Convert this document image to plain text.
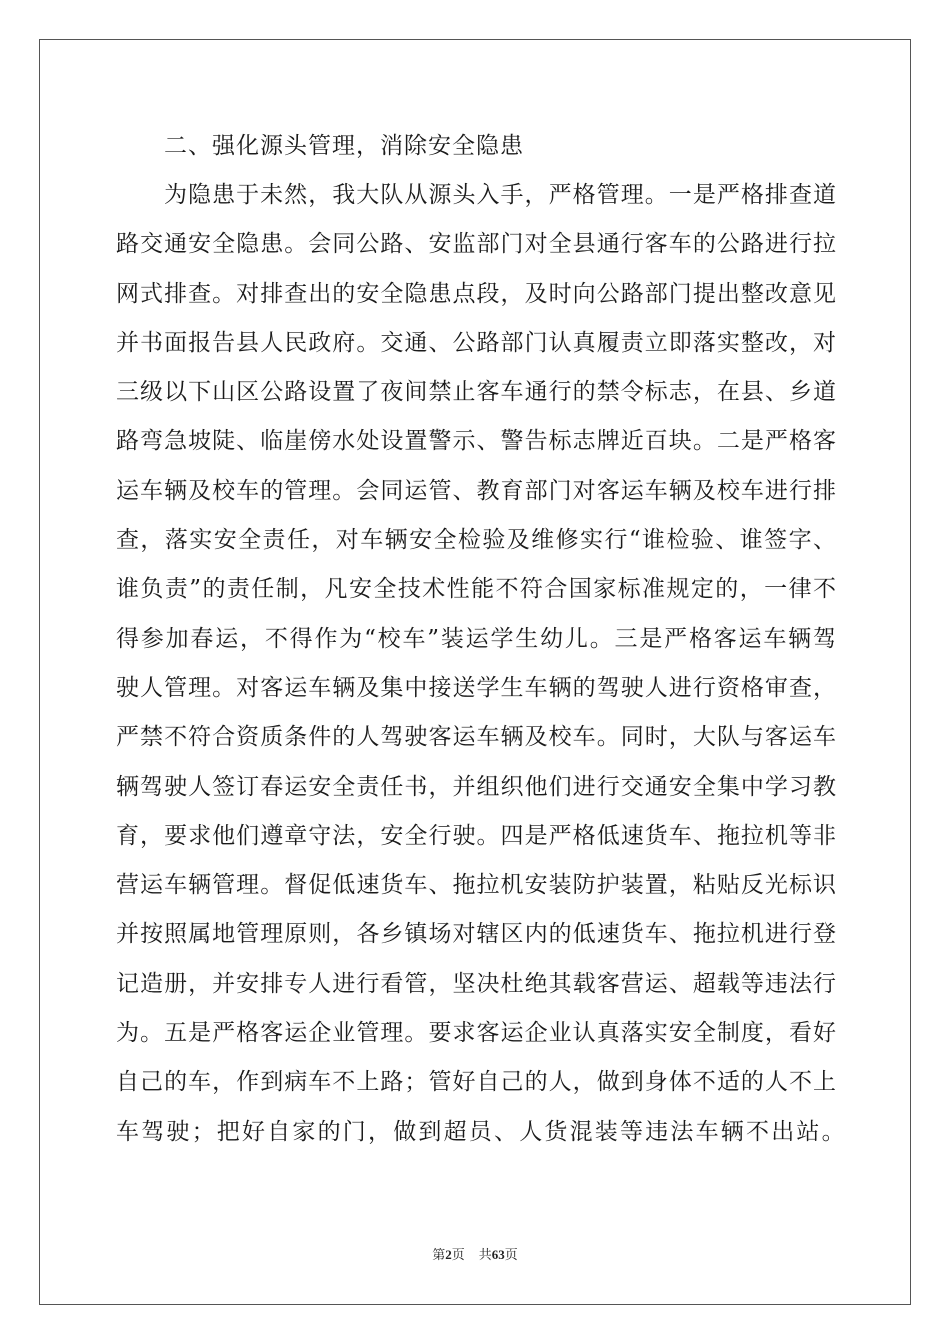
二、强化源头管理，消除安全隐患
为隐患于未然，我大队从源头入手，严格管理。一是严格排查道
路交通安全隐患。会同公路、安监部门对全县通行客车的公路进行拉
网式排查。对排查出的安全隐患点段，及时向公路部门提出整改意见
并书面报告县人民政府。交通、公路部门认真履责立即落实整改，对
三级以下山区公路设置了夜间禁止客车通行的禁令标志，在县、乡道
路弯急坡陡、临崖傍水处设置警示、警告标志牌近百块。二是严格客
运车辆及校车的管理。会同运管、教育部门对客运车辆及校车进行排
查，落实安全责任，对车辆安全检验及维修实行“谁检验、谁签字、
谁负责”的责任制，凡安全技术性能不符合国家标准规定的，一律不
得参加春运，不得作为“校车”装运学生幼儿。三是严格客运车辆驾
驶人管理。对客运车辆及集中接送学生车辆的驾驶人进行资格审查，
严禁不符合资质条件的人驾驶客运车辆及校车。同时，大队与客运车
辆驾驶人签订春运安全责任书，并组织他们进行交通安全集中学习教
育，要求他们遵章守法，安全行驶。四是严格低速货车、拖拉机等非
营运车辆管理。督促低速货车、拖拉机安装防护装置，粘贴反光标识
并按照属地管理原则，各乡镇场对辖区内的低速货车、拖拉机进行登
记造册，并安排专人进行看管，坚决杜绝其载客营运、超载等违法行
为。五是严格客运企业管理。要求客运企业认真落实安全制度，看好
自己的车，作到病车不上路；管好自己的人，做到身体不适的人不上
车驾驶；把好自家的门，做到超员、人货混装等违法车辆不出站。
第2页 共63页
